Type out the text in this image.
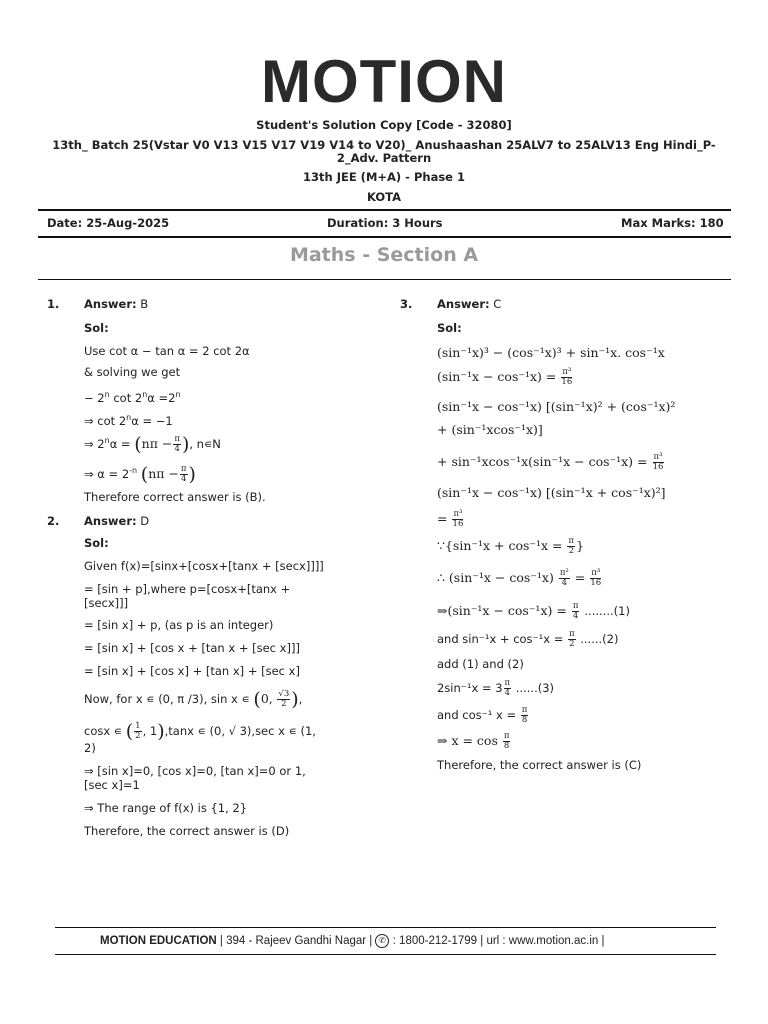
MOTION
Student's Solution Copy [Code - 32080]
13th_ Batch 25(Vstar V0 V13 V15 V17 V19 V14 to V20)_ Anushaashan 25ALV7 to 25ALV13 Eng Hindi_P-
2_Adv. Pattern
13th JEE (M+A) - Phase 1
KOTA
Date: 25-Aug-2025	Duration: 3 Hours	Max Marks: 180
Maths - Section A
1. Answer: B
Sol:
Use cot α − tan α = 2 cot 2α
& solving we get
− $2^n$ $\cot 2^n\alpha =2^n$
⇒ $\cot 2^n\alpha = -1$
⇒ $2^n\alpha = (n\pi - \frac{\pi}{4}$ ), n∊N
⇒ $\alpha = 2^{-n}$ ($n\pi - \frac{\pi}{4}$ )
Therefore correct answer is (B).
2. Answer: D
Sol:
Given f(x)=[sinx+[cosx+[tanx + [secx]]]]
= [sin + p],where p=[cosx+[tanx +
[secx]]]
= [sin x] + p, (as p is an integer)
= [sin x] + [cos x + [tan x + [sec x]]]
= [sin x] + [cos x] + [tan x] + [sec x]
Now, for x ∊ (0, π /3), sin x ∊ (0, $\frac{√3}{2}$ ),
cosx ∊ ( $\frac{1}{2}$ , 1),tanx ∊ (0, √ 3),sec x ∊ (1,
2)
⇒ [sin x]=0, [cos x]=0, [tan x]=0 or 1,
[sec x]=1
⇒ The range of f(x) is {1, 2}
Therefore, the correct answer is (D)
3. Answer: C
Sol:
(sin⁻¹x)³ − (cos⁻¹x)³ + sin⁻¹x. cos⁻¹x
$(\sin^{-1}x - \cos^{-1}x) = \frac{\text{π³}}{16}$
(sin⁻¹x − cos⁻¹x) [(sin⁻¹x)² + (cos⁻¹x)²
+ (sin⁻¹xcos⁻¹x)]
+ $\sin^{-1}xcos^{-1}x(\sin^{-1}x - \cos^{-1}x) = \frac{\text{π³}}{16}$
(sin⁻¹x − cos⁻¹x) [(sin⁻¹x + cos⁻¹x)²]
= $\frac{\text{π³}}{16}$
∵{sin⁻¹x + $\cos^{-1}x = \frac{\pi}{2}$ }
∴ $(\sin^{-1}x - \cos^{-1}x) \frac{\text{π²}}{4} = \frac{\text{π³}}{16}$
⇒(sin⁻¹x − $\cos^{-1}x) = \frac{\pi}{4} ........(1)$
and $\sin^{-1}x + \cos^{-1}x = \frac{\pi}{2} ......(2)$
add (1) and (2)
$2\sin^{-1}x = 3 \frac{\pi}{4} ......(3)$
and cos⁻¹ $x = \frac{\pi}{8}$
⇒ $x = \cos \frac{\pi}{8}$
Therefore, the correct answer is (C)
MOTION EDUCATION | 394 - Rajeev Gandhi Nagar | ✆ : 1800-212-1799 | url : www.motion.ac.in |
